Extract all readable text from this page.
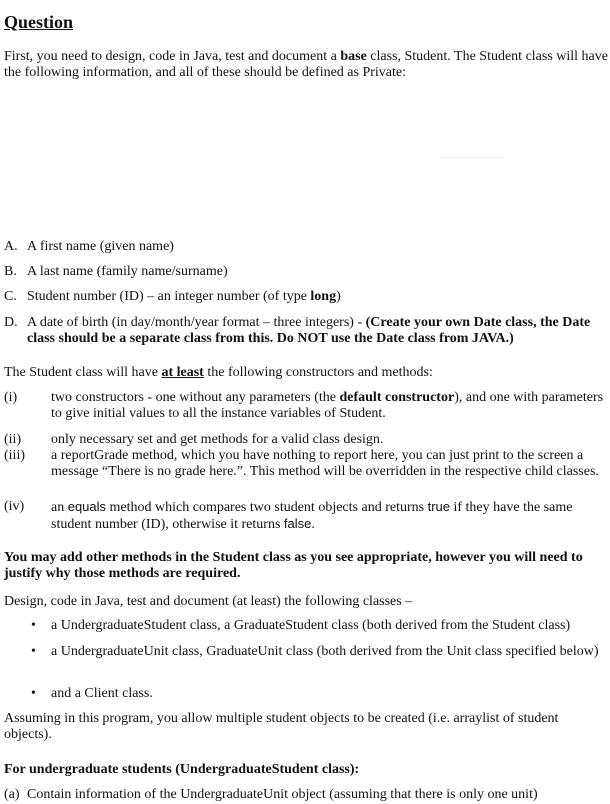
Question
First, you need to design, code in Java, test and document a base class, Student. The Student class will have the following information, and all of these should be defined as Private:
A. A first name (given name)
B. A last name (family name/surname)
C. Student number (ID) – an integer number (of type long)
D. A date of birth (in day/month/year format – three integers) - (Create your own Date class, the Date class should be a separate class from this. Do NOT use the Date class from JAVA.)
The Student class will have at least the following constructors and methods:
(i) two constructors - one without any parameters (the default constructor), and one with parameters to give initial values to all the instance variables of Student.
(ii) only necessary set and get methods for a valid class design.
(iii) a reportGrade method, which you have nothing to report here, you can just print to the screen a message “There is no grade here.”. This method will be overridden in the respective child classes.
(iv) an equals method which compares two student objects and returns true if they have the same student number (ID), otherwise it returns false.
You may add other methods in the Student class as you see appropriate, however you will need to justify why those methods are required.
Design, code in Java, test and document (at least) the following classes –
• a UndergraduateStudent class, a GraduateStudent class (both derived from the Student class)
• a UndergraduateUnit class, GraduateUnit class (both derived from the Unit class specified below)
• and a Client class.
Assuming in this program, you allow multiple student objects to be created (i.e. arraylist of student objects).
For undergraduate students (UndergraduateStudent class):
(a) Contain information of the UndergraduateUnit object (assuming that there is only one unit)
